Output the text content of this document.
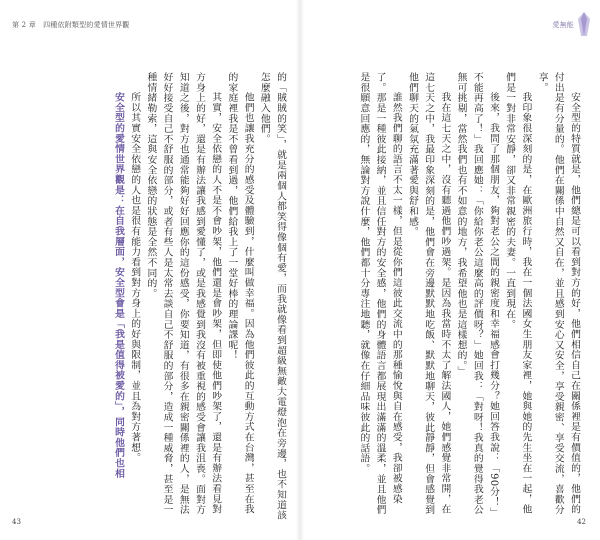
第 2 章　四種依附類型的愛情世界觀

的「賊賊的笑」，就是兩個人都笑得像個有愛，而我就像看到超級無敵大電燈泡在旁邊，也不知道該怎麼融入他們。

他們也讓我充分的感受及體驗到，什麼叫做幸福。因為他們彼此的互動方式在台灣，甚至在我的家庭裡我是不曾看到過，他們給我上了一堂好棒的理論課呢！

其實，安全依戀的人不是不會吵架，他們還是會吵架，但即使他們吵架了，還是有辦法看見對方身上的好，還是有辦法讓我感到愛懂了，或是我感覺到我沒有被重視的感受會讓我沮喪。面對方知道之後，對方也通常能夠好好回應你的這份感受，你要知道，有很多在親密關係裡的人，是無法好好接受自己不舒服的部分，或者有些人是太常去談自己不舒服的部分，造成一種威脅，甚至是一種情緒勒索，這與安全依戀的狀態是全然不同的。

所以其實安全依戀的人也是很有能力看到對方身上的好與限制，並且為對方著想。

安全型的愛情世界觀是：在自我層面，安全型會是「我是值得被愛的」，同時他們也相

43
愛無能

安全型的特質就是，他們總是可以看到對方的好，他們相信自己在關係裡是有價值的，他們的付出是有分量的。他們在關係中自然又自在，並且感到安心又安全，享受親密、享受交流，喜歡分享。

我印象很深刻的是，在歐洲旅行時，我在一個法國女生朋友家裡，她與她的先生坐在一起，他們是一對非常安靜，卻又非常親密的夫妻。一直到現在。

後來，我問了那個朋友，夠對老公之間的親密度和幸福感會打幾分？她回答我說：「90分！」不能再高了！」我回應她：「你給你老公這麼高的評價呀？」她回我：「對呀！我真的覺得我老公無可挑剔，當然我們也有不如意的地方，我希望他也是這樣想的。」

我在這七天之中，沒有聽過他們吵過架。是因為我當時不太了解法國人，她們感覺非常開，在這七天之中，我最印象深刻的是，他們會在旁邊默默地吃飯、默默地聊天，彼此靜靜，但會感覺到他們聊天的氣氛充滿著愛與舒和感。

誰然我們聊的語言不太一樣，但是從你們這彼此交流中的那種愉悅與自在感受，我卻被感染了。那是一種彼此接納，並且信任對方的安全感，他們的身體語言都展現出滿滿的溫柔，並且他們是很願意回應的，無論對方說什麼，他們都十分專注地聽，就像在仔細品味彼此的話語。

42
